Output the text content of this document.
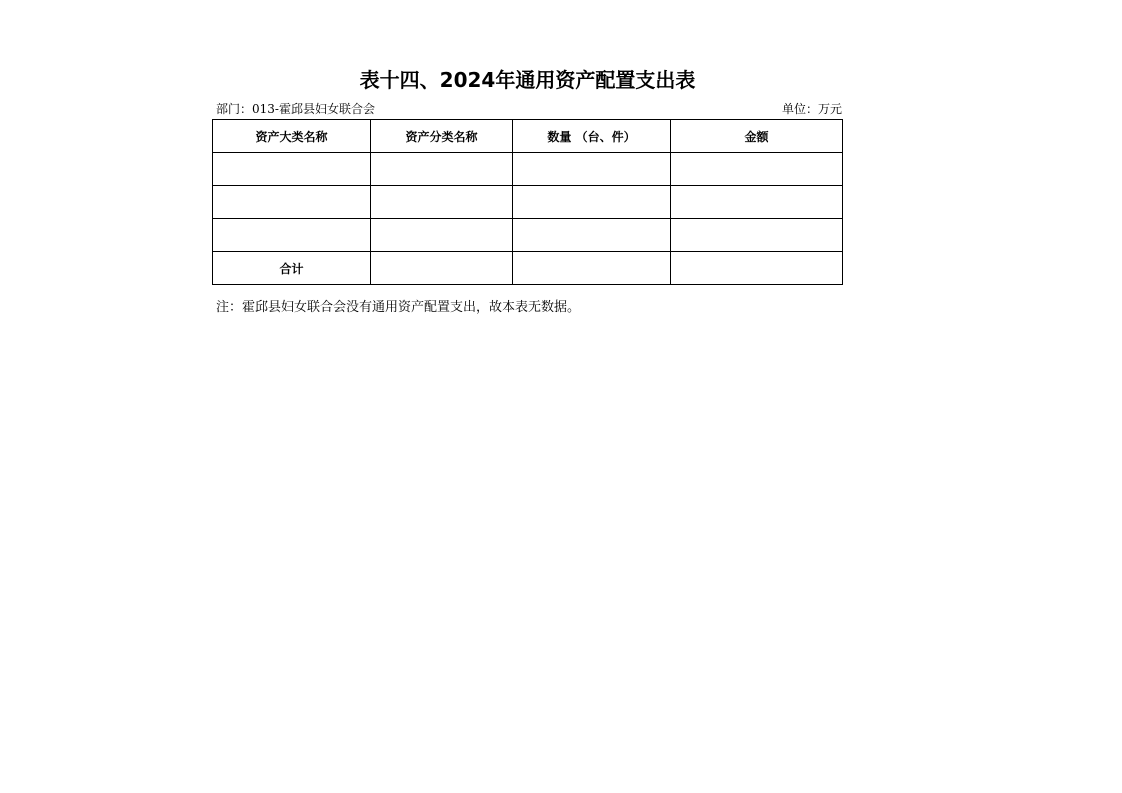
表十四、2024年通用资产配置支出表
部门：013-霍邱县妇女联合会	单位：万元
资产大类名称	资产分类名称	数量 （台、件）	金额

合计			
注：霍邱县妇女联合会没有通用资产配置支出，故本表无数据。
